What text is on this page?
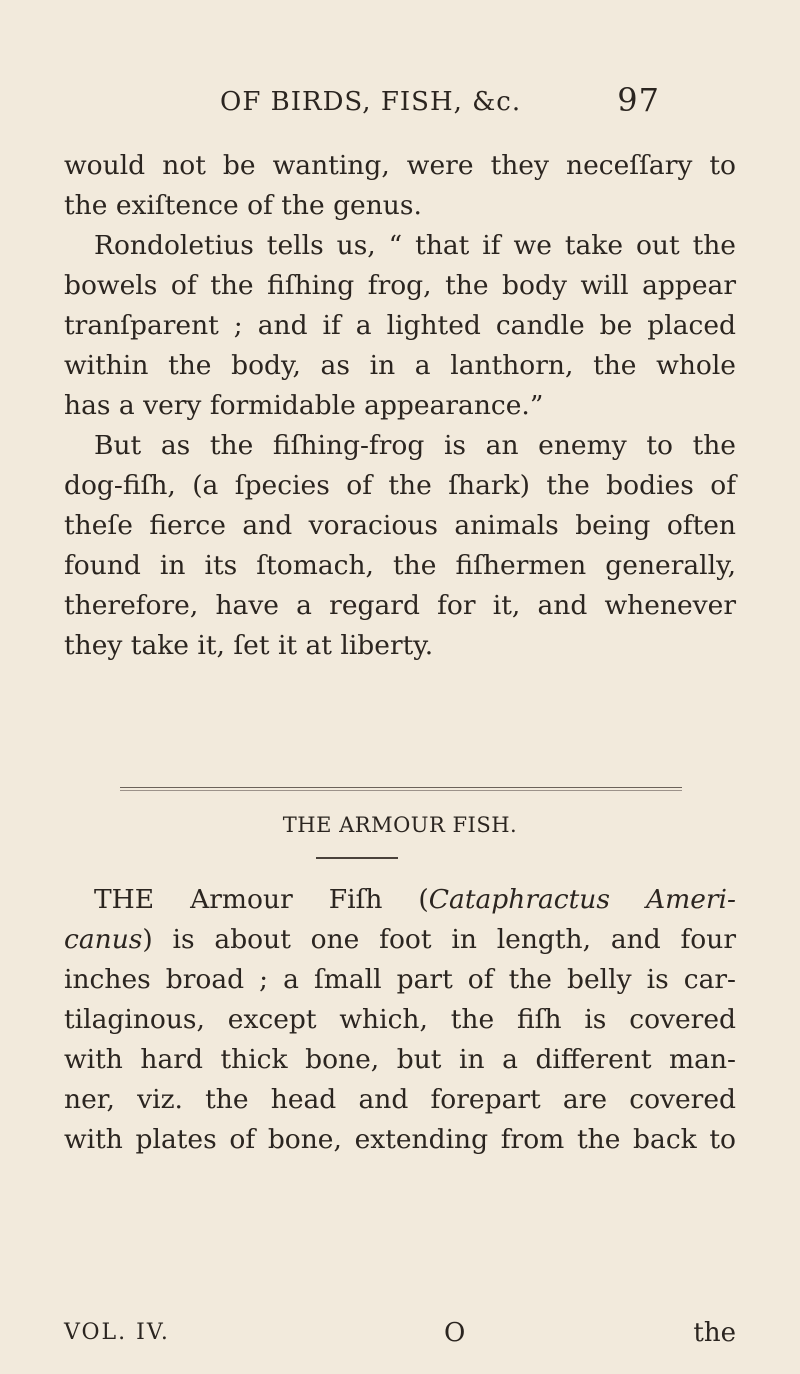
OF BIRDS, FISH, &c.	97
would not be wanting, were they neceſſary to
the exiſtence of the genus.
Rondoletius tells us, “ that if we take out the
bowels of the fiſhing frog, the body will appear
tranſparent ; and if a lighted candle be placed
within the body, as in a lanthorn, the whole
has a very formidable appearance.”
But as the fiſhing-frog is an enemy to the
dog-fiſh, (a ſpecies of the ſhark) the bodies of
theſe fierce and voracious animals being often
found in its ſtomach, the fiſhermen generally,
therefore, have a regard for it, and whenever
they take it, ſet it at liberty.
THE ARMOUR FISH.
THE Armour Fiſh (Cataphractus Ameri-
canus) is about one foot in length, and four
inches broad ; a ſmall part of the belly is car-
tilaginous, except which, the fiſh is covered
with hard thick bone, but in a different man-
ner, viz. the head and forepart are covered
with plates of bone, extending from the back to
VOL. IV.	O	the
